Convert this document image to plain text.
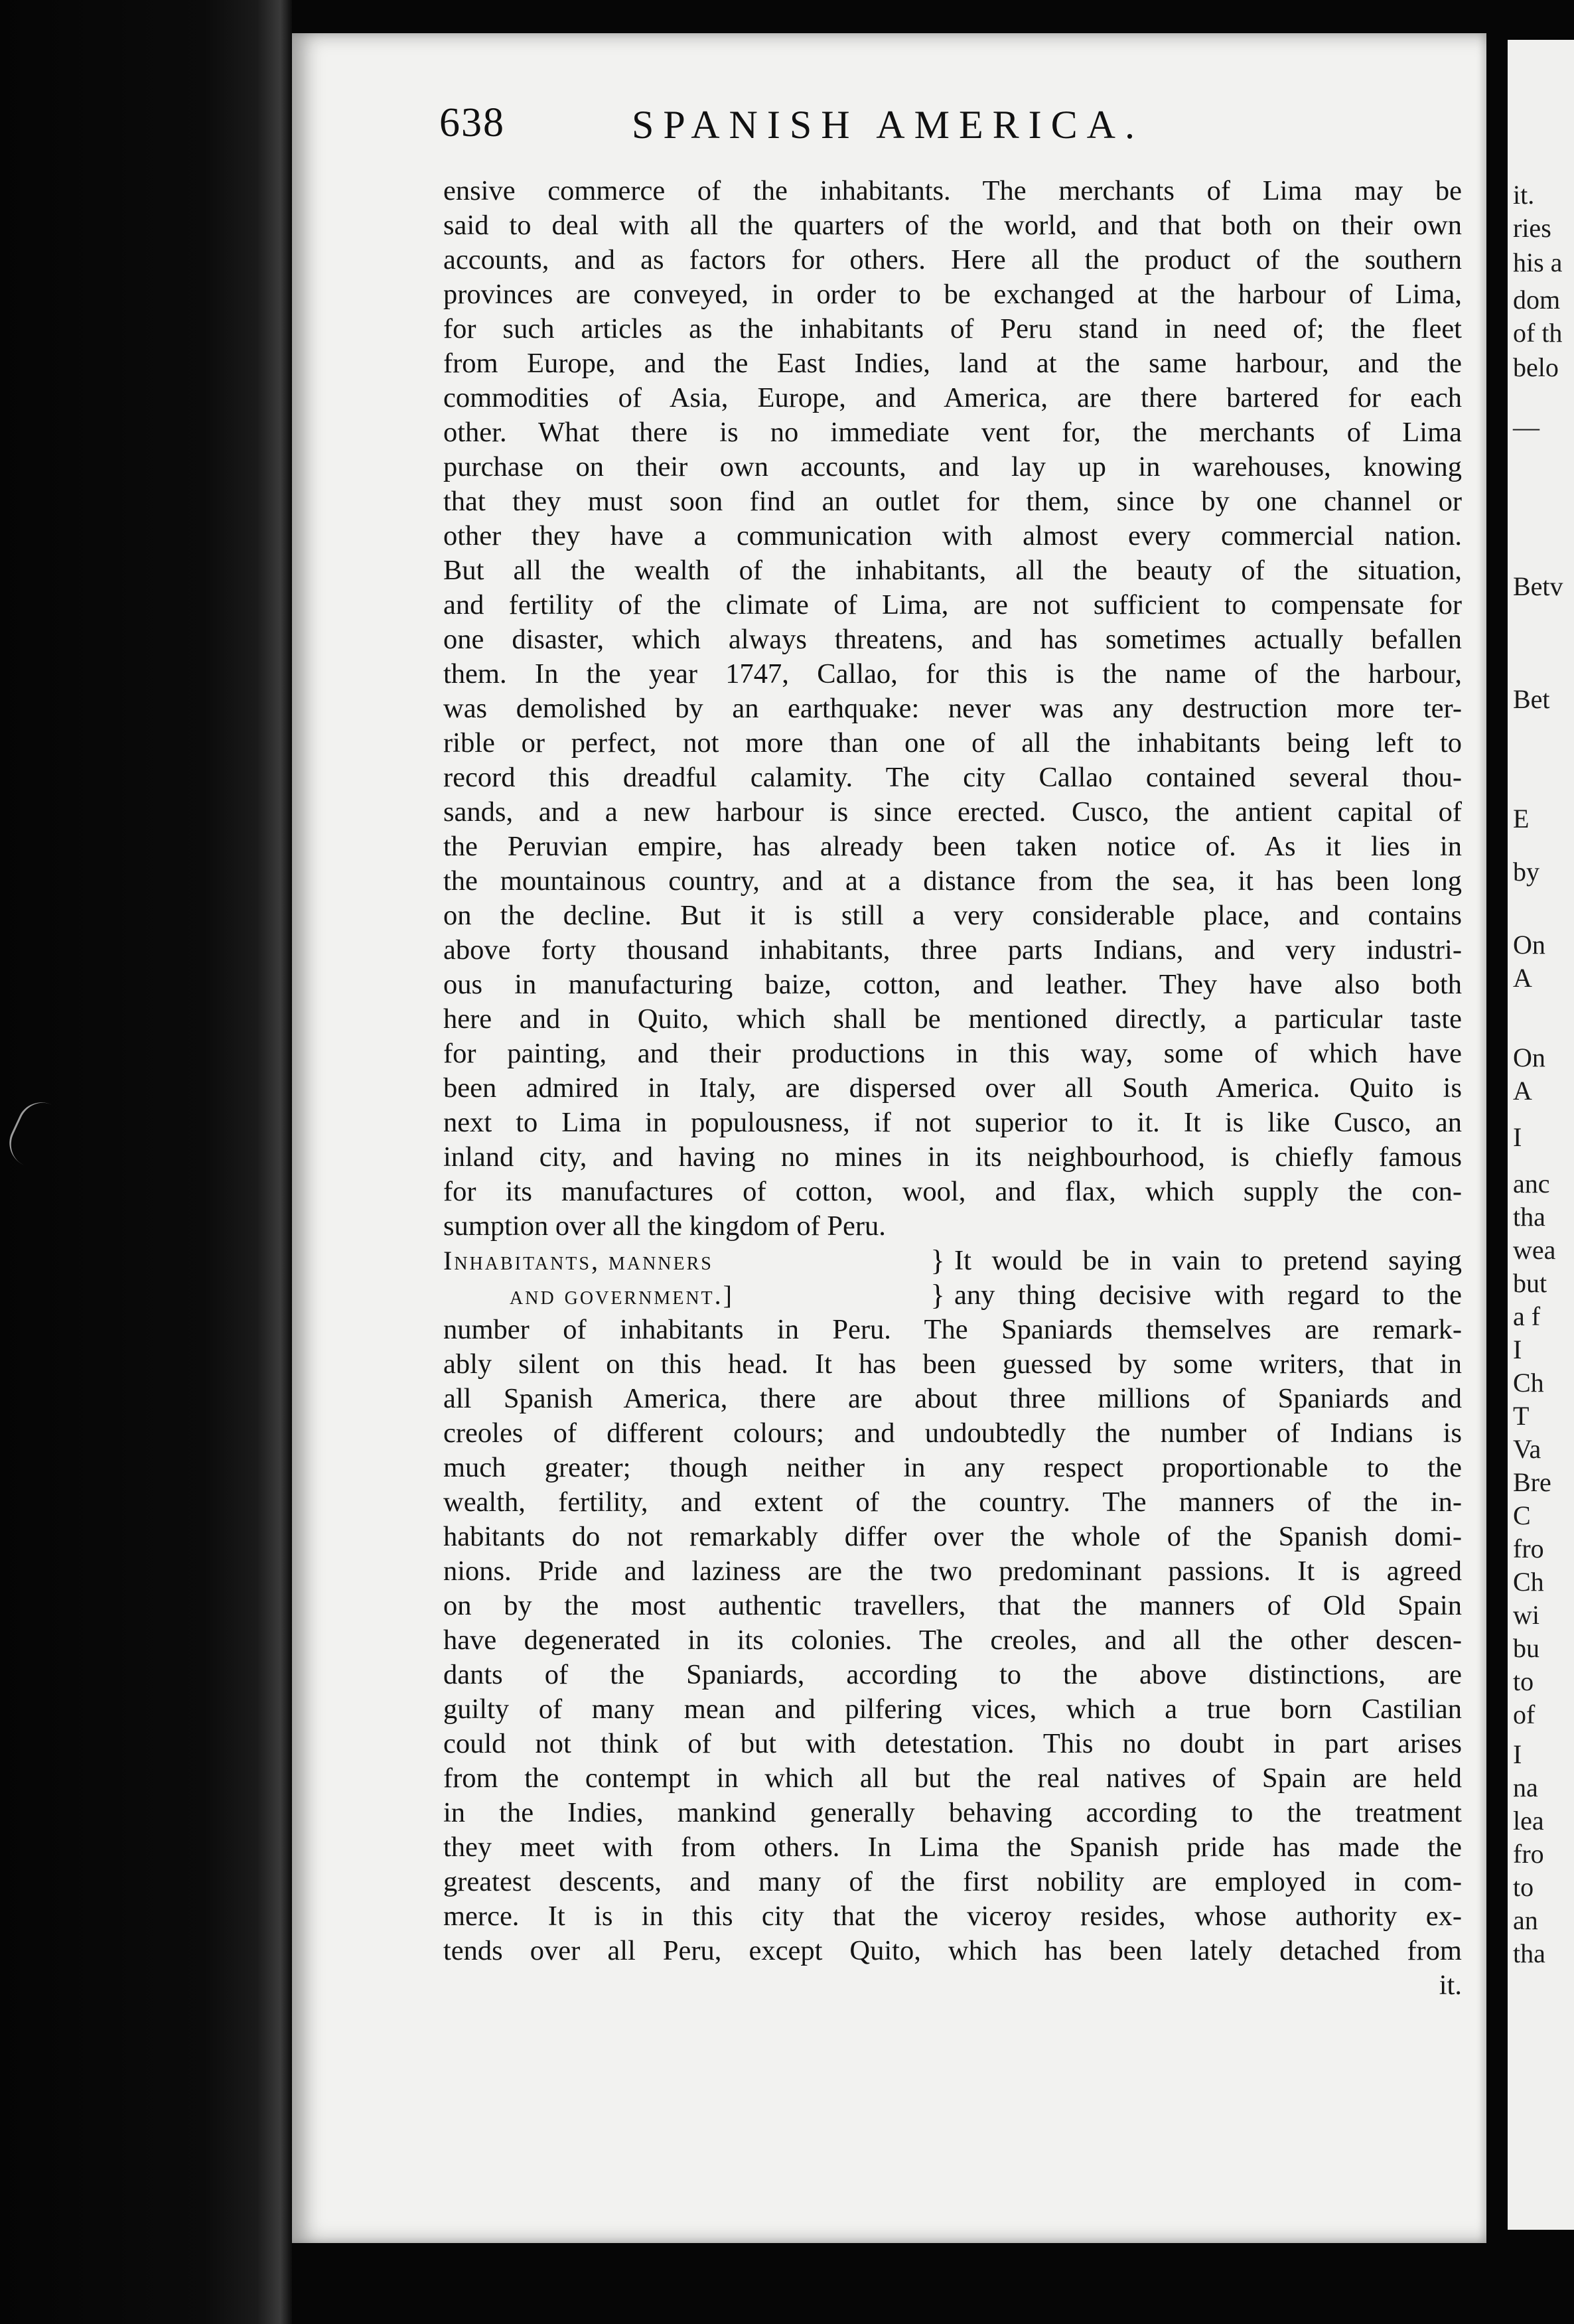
638	SPANISH AMERICA.
ensive commerce of the inhabitants. The merchants of Lima may be
said to deal with all the quarters of the world, and that both on their own
accounts, and as factors for others. Here all the product of the southern
provinces are conveyed, in order to be exchanged at the harbour of Lima,
for such articles as the inhabitants of Peru stand in need of; the fleet
from Europe, and the East Indies, land at the same harbour, and the
commodities of Asia, Europe, and America, are there bartered for each
other. What there is no immediate vent for, the merchants of Lima
purchase on their own accounts, and lay up in warehouses, knowing
that they must soon find an outlet for them, since by one channel or
other they have a communication with almost every commercial nation.
But all the wealth of the inhabitants, all the beauty of the situation,
and fertility of the climate of Lima, are not sufficient to compensate for
one disaster, which always threatens, and has sometimes actually befallen
them. In the year 1747, Callao, for this is the name of the harbour,
was demolished by an earthquake: never was any destruction more ter-
rible or perfect, not more than one of all the inhabitants being left to
record this dreadful calamity. The city Callao contained several thou-
sands, and a new harbour is since erected. Cusco, the antient capital of
the Peruvian empire, has already been taken notice of. As it lies in
the mountainous country, and at a distance from the sea, it has been long
on the decline. But it is still a very considerable place, and contains
above forty thousand inhabitants, three parts Indians, and very industri-
ous in manufacturing baize, cotton, and leather. They have also both
here and in Quito, which shall be mentioned directly, a particular taste
for painting, and their productions in this way, some of which have
been admired in Italy, are dispersed over all South America. Quito is
next to Lima in populousness, if not superior to it. It is like Cusco, an
inland city, and having no mines in its neighbourhood, is chiefly famous
for its manufactures of cotton, wool, and flax, which supply the con-
sumption over all the kingdom of Peru.
Inhabitants, manners	} It would be in vain to pretend saying
and government.]	} any thing decisive with regard to the
number of inhabitants in Peru. The Spaniards themselves are remark-
ably silent on this head. It has been guessed by some writers, that in
all Spanish America, there are about three millions of Spaniards and
creoles of different colours; and undoubtedly the number of Indians is
much greater; though neither in any respect proportionable to the
wealth, fertility, and extent of the country. The manners of the in-
habitants do not remarkably differ over the whole of the Spanish domi-
nions. Pride and laziness are the two predominant passions. It is agreed
on by the most authentic travellers, that the manners of Old Spain
have degenerated in its colonies. The creoles, and all the other descen-
dants of the Spaniards, according to the above distinctions, are
guilty of many mean and pilfering vices, which a true born Castilian
could not think of but with detestation. This no doubt in part arises
from the contempt in which all but the real natives of Spain are held
in the Indies, mankind generally behaving according to the treatment
they meet with from others. In Lima the Spanish pride has made the
greatest descents, and many of the first nobility are employed in com-
merce. It is in this city that the viceroy resides, whose authority ex-
tends over all Peru, except Quito, which has been lately detached from
it.
it.
ries
his a
dom
of th
belo
—
Betv
Bet
E
by
On
A
On
A
I
anc
tha
wea
but
a f
I
Ch
T
Va
Bre
C
fro
Ch
wi
bu
to
of
I
na
lea
fro
to
an
tha
